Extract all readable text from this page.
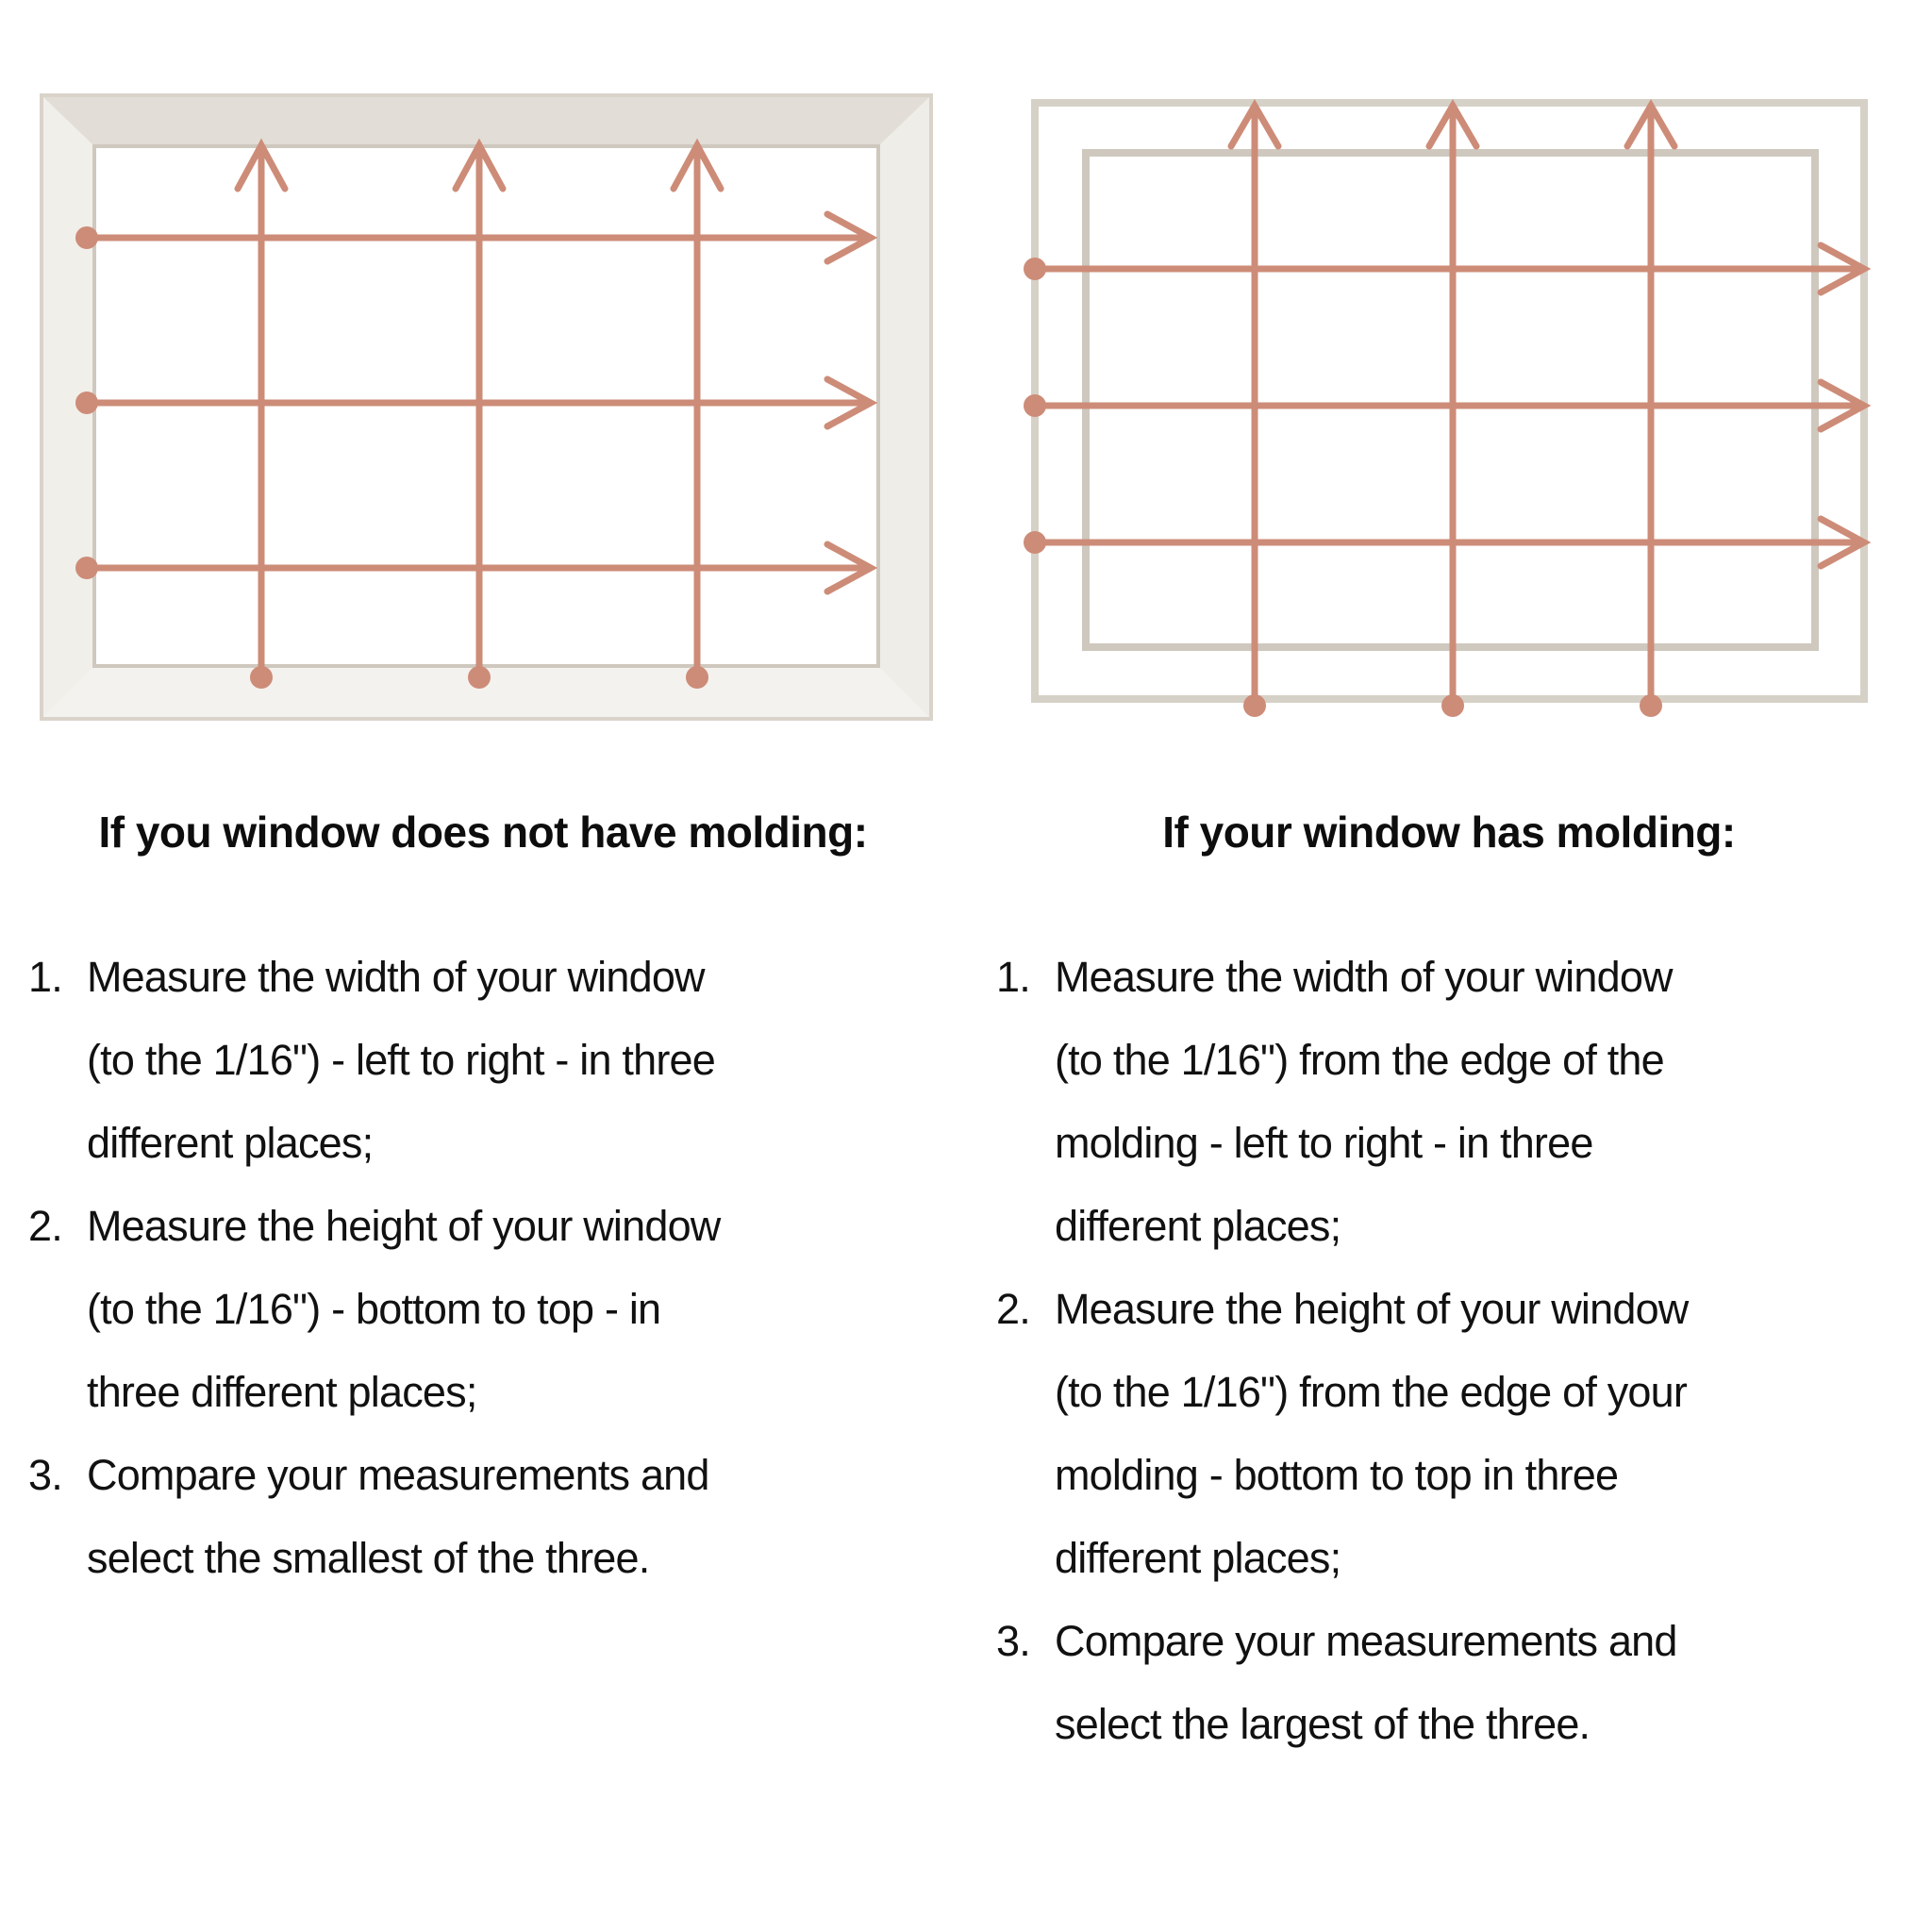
If you window does not have molding:	If your window has molding:
1. Measure the width of your window
(to the 1/16") - left to right - in three
different places;
2. Measure the height of your window
(to the 1/16") - bottom to top - in
three different places;
3. Compare your measurements and
select the smallest of the three.
1. Measure the width of your window
(to the 1/16") from the edge of the
molding - left to right - in three
different places;
2. Measure the height of your window
(to the 1/16") from the edge of your
molding - bottom to top in three
different places;
3. Compare your measurements and
select the largest of the three.
